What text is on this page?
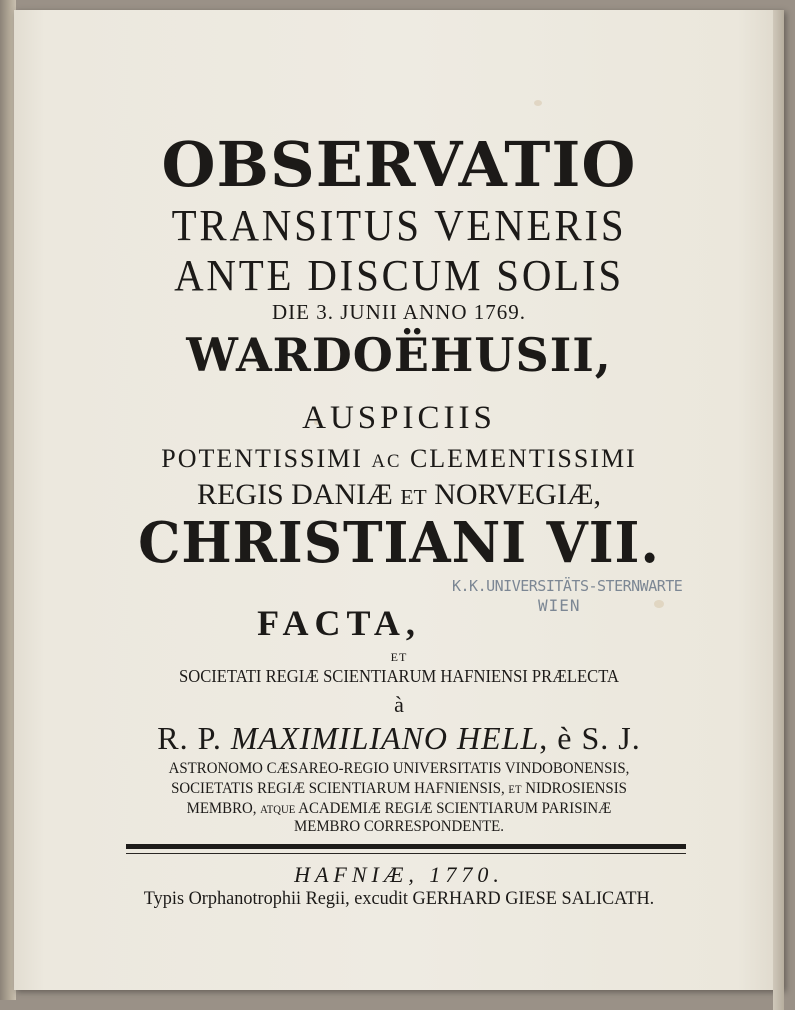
OBSERVATIO
TRANSITUS VENERIS
ANTE DISCUM SOLIS
DIE 3. JUNII ANNO 1769.
WARDOËHUSII,
AUSPICIIS
POTENTISSIMI AC CLEMENTISSIMI
REGIS DANIÆ ET NORVEGIÆ,
CHRISTIANI VII.
K.K.UNIVERSITÄTS-STERNWARTE
WIEN
FACTA,
ET
SOCIETATI REGIÆ SCIENTIARUM HAFNIENSI PRÆLECTA
à
R. P. MAXIMILIANO HELL, è S. J.
ASTRONOMO CÆSAREO-REGIO UNIVERSITATIS VINDOBONENSIS,
SOCIETATIS REGIÆ SCIENTIARUM HAFNIENSIS, ET NIDROSIENSIS
MEMBRO, ATQUE ACADEMIÆ REGIÆ SCIENTIARUM PARISINÆ
MEMBRO CORRESPONDENTE.
HAFNIÆ, 1770.
Typis Orphanotrophii Regii, excudit GERHARD GIESE SALICATH.
